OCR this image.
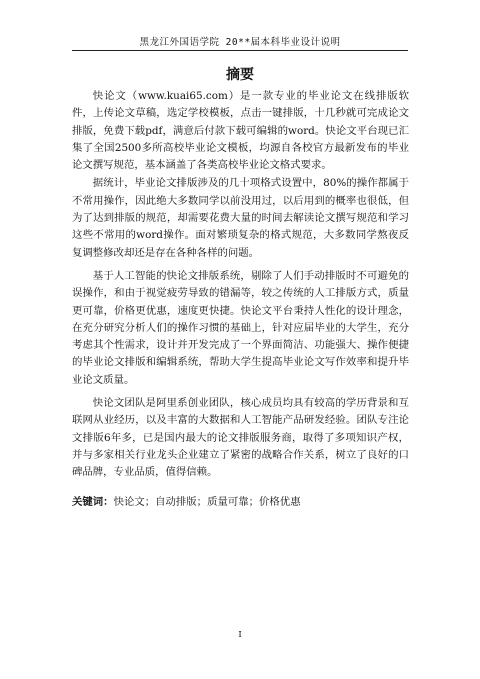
黑龙江外国语学院 20**届本科毕业设计说明
摘要

快论文（www.kuai65.com）是一款专业的毕业论文在线排版软件，上传论文草稿，选定学校模板，点击一键排版，十几秒就可完成论文排版，免费下载pdf，满意后付款下载可编辑的word。快论文平台现已汇集了全国2500多所高校毕业论文模板，均源自各校官方最新发布的毕业论文撰写规范，基本涵盖了各类高校毕业论文格式要求。

据统计，毕业论文排版涉及的几十项格式设置中，80%的操作都属于不常用操作，因此绝大多数同学以前没用过，以后用到的概率也很低，但为了达到排版的规范，却需要花费大量的时间去解读论文撰写规范和学习这些不常用的word操作。面对繁琐复杂的格式规范，大多数同学熬夜反复调整修改却还是存在各种各样的问题。

基于人工智能的快论文排版系统，剔除了人们手动排版时不可避免的误操作，和由于视觉疲劳导致的错漏等，较之传统的人工排版方式，质量更可靠，价格更优惠，速度更快捷。快论文平台秉持人性化的设计理念，在充分研究分析人们的操作习惯的基础上，针对应届毕业的大学生，充分考虑其个性需求，设计并开发完成了一个界面简洁、功能强大、操作便捷的毕业论文排版和编辑系统，帮助大学生提高毕业论文写作效率和提升毕业论文质量。

快论文团队是阿里系创业团队，核心成员均具有较高的学历背景和互联网从业经历，以及丰富的大数据和人工智能产品研发经验。团队专注论文排版6年多，已是国内最大的论文排版服务商，取得了多项知识产权，并与多家相关行业龙头企业建立了紧密的战略合作关系，树立了良好的口碑品牌，专业品质，值得信赖。

关键词：快论文；自动排版；质量可靠；价格优惠
I
